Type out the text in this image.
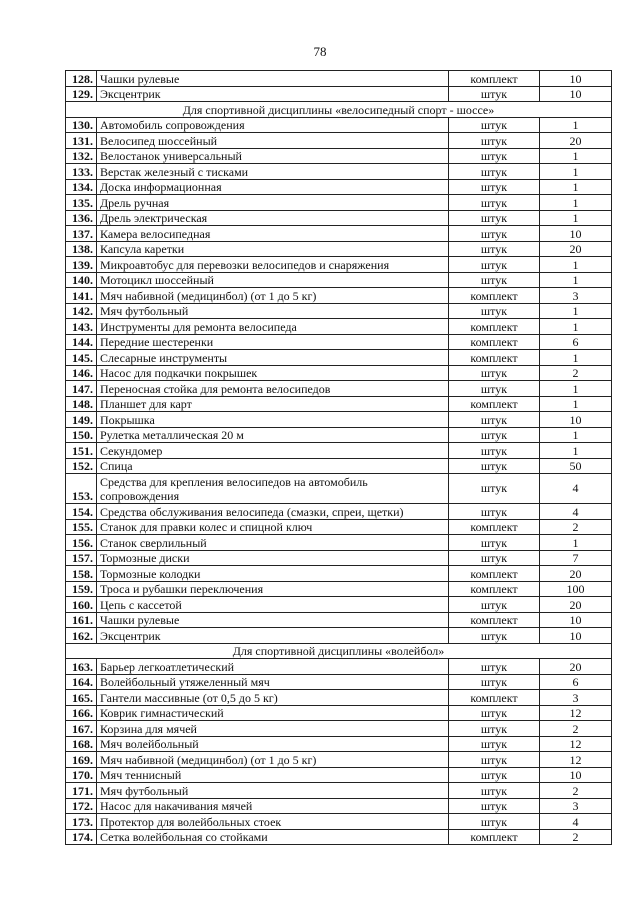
78
128.	Чашки рулевые	комплект	10
129.	Эксцентрик	штук	10
Для спортивной дисциплины «велосипедный спорт - шоссе»			
130.	Автомобиль сопровождения	штук	1
131.	Велосипед шоссейный	штук	20
132.	Велостанок универсальный	штук	1
133.	Верстак железный с тисками	штук	1
134.	Доска информационная	штук	1
135.	Дрель ручная	штук	1
136.	Дрель электрическая	штук	1
137.	Камера велосипедная	штук	10
138.	Капсула каретки	штук	20
139.	Микроавтобус для перевозки велосипедов и снаряжения	штук	1
140.	Мотоцикл шоссейный	штук	1
141.	Мяч набивной (медицинбол) (от 1 до 5 кг)	комплект	3
142.	Мяч футбольный	штук	1
143.	Инструменты для ремонта велосипеда	комплект	1
144.	Передние шестеренки	комплект	6
145.	Слесарные инструменты	комплект	1
146.	Насос для подкачки покрышек	штук	2
147.	Переносная стойка для ремонта велосипедов	штук	1
148.	Планшет для карт	комплект	1
149.	Покрышка	штук	10
150.	Рулетка металлическая 20 м	штук	1
151.	Секундомер	штук	1
152.	Спица	штук	50
153.	Средства для крепления велосипедов на автомобиль сопровождения	штук	4
154.	Средства обслуживания велосипеда (смазки, спреи, щетки)	штук	4
155.	Станок для правки колес и спицной ключ	комплект	2
156.	Станок сверлильный	штук	1
157.	Тормозные диски	штук	7
158.	Тормозные колодки	комплект	20
159.	Троса и рубашки переключения	комплект	100
160.	Цепь с кассетой	штук	20
161.	Чашки рулевые	комплект	10
162.	Эксцентрик	штук	10
Для спортивной дисциплины «волейбол»			
163.	Барьер легкоатлетический	штук	20
164.	Волейбольный утяжеленный мяч	штук	6
165.	Гантели массивные (от 0,5 до 5 кг)	комплект	3
166.	Коврик гимнастический	штук	12
167.	Корзина для мячей	штук	2
168.	Мяч волейбольный	штук	12
169.	Мяч набивной (медицинбол) (от 1 до 5 кг)	штук	12
170.	Мяч теннисный	штук	10
171.	Мяч футбольный	штук	2
172.	Насос для накачивания мячей	штук	3
173.	Протектор для волейбольных стоек	штук	4
174.	Сетка волейбольная со стойками	комплект	2
